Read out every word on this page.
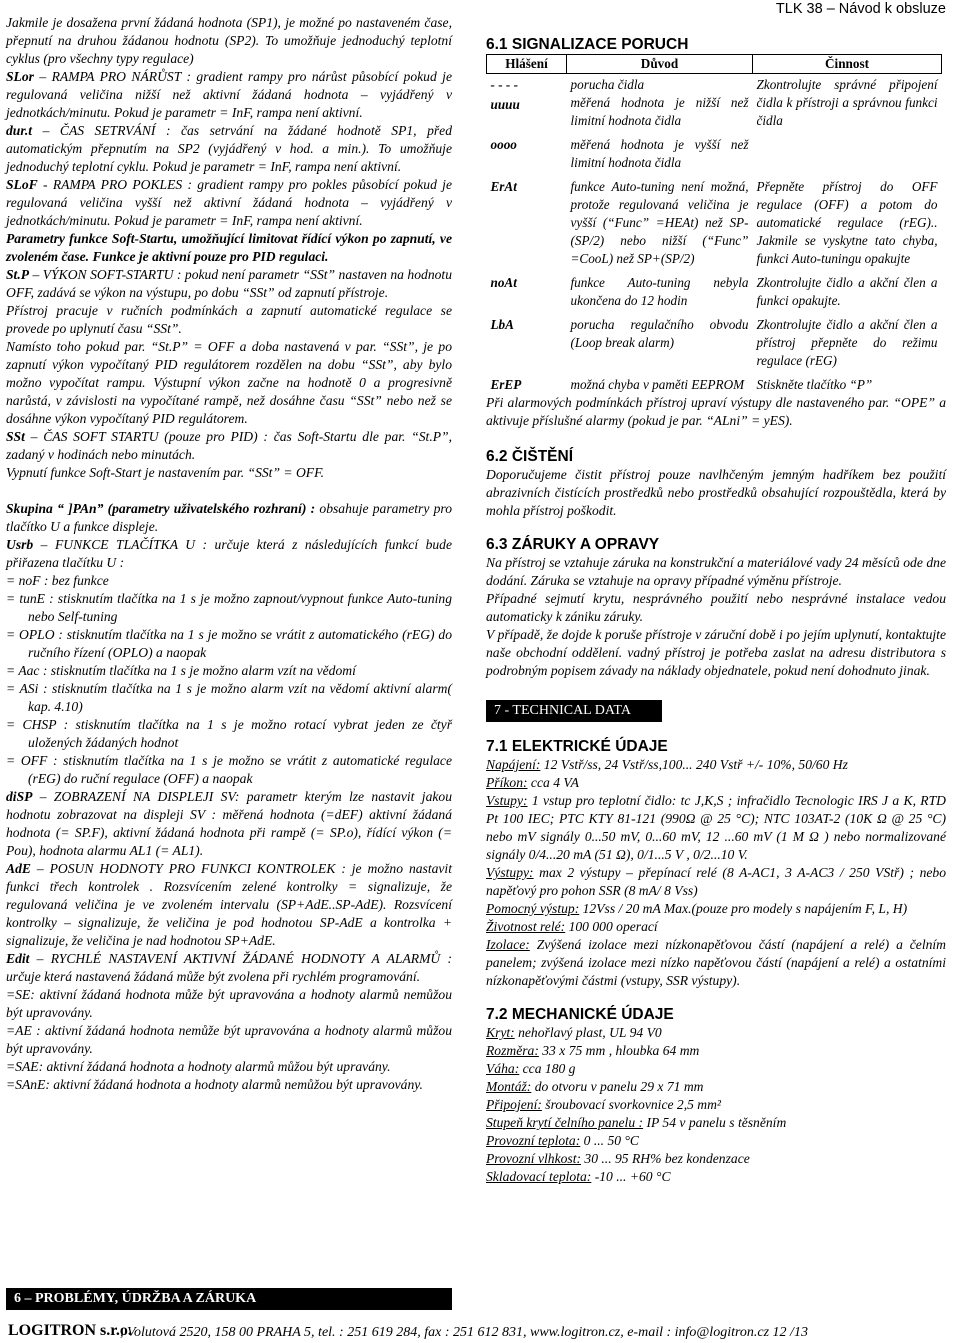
TLK 38 – Návod k obsluze

Jakmile je dosažena první žádaná hodnota (SP1), je možné po nastaveném čase, přepnutí na druhou žádanou hodnotu (SP2). To umožňuje jednoduchý teplotní cyklus (pro všechny typy regulace)

SLor – RAMPA PRO NÁRŮST : gradient rampy pro nárůst působící pokud je regulovaná veličina nižší než aktivní žádaná hodnota – vyjádřený v jednotkách/minutu. Pokud je parametr = InF, rampa není aktivní.

dur.t – ČAS SETRVÁNÍ : čas setrvání na žádané hodnotě SP1, před automatickým přepnutím na SP2 (vyjádřený v hod. a min.). To umožňuje jednoduchý teplotní cyklu. Pokud je parametr = InF, rampa není aktivní.

SLoF - RAMPA PRO POKLES : gradient rampy pro pokles působící pokud je regulovaná veličina vyšší než aktivní žádaná hodnota – vyjádřený v jednotkách/minutu. Pokud je parametr = InF, rampa není aktivní.

Parametry funkce Soft-Startu, umožňující limitovat řídící výkon po zapnutí, ve zvoleném čase. Funkce je aktivní pouze pro PID regulaci.

St.P – VÝKON SOFT-STARTU : pokud není parametr “SSt” nastaven na hodnotu OFF, zadává se výkon na výstupu, po dobu “SSt” od zapnutí přístroje.

Přístroj pracuje v ručních podmínkách a zapnutí automatické regulace se provede po uplynutí času “SSt”.

Namísto toho pokud par. “St.P” = OFF a doba nastavená v par. “SSt”, je po zapnutí výkon vypočítaný PID regulátorem rozdělen na dobu “SSt”, aby bylo možno vypočítat rampu. Výstupní výkon začne na hodnotě 0 a progresivně narůstá, v závislosti na vypočítané rampě, než dosáhne času “SSt” nebo než se dosáhne výkon vypočítaný PID regulátorem.

SSt – ČAS SOFT STARTU (pouze pro PID) : čas Soft-Startu dle par. “St.P”, zadaný v hodinách nebo minutách.

Vypnutí funkce Soft-Start je nastavením par. “SSt” = OFF.

Skupina “ ]PAn” (parametry uživatelského rozhraní) : obsahuje parametry pro tlačítko U a funkce displeje.

Usrb – FUNKCE TLAČÍTKA U : určuje která z následujících funkcí bude přiřazena tlačítku U :

= noF : bez funkce

= tunE : stisknutím tlačítka na 1 s je možno zapnout/vypnout funkce Auto-tuning nebo Self-tuning

= OPLO : stisknutím tlačítka na 1 s je možno se vrátit z automatického (rEG) do ručního řízení (OPLO) a naopak

= Aac : stisknutím tlačítka na 1 s je možno alarm vzít na vědomí

= ASi : stisknutím tlačítka na 1 s je možno alarm vzít na vědomí aktivní alarm( kap. 4.10)

= CHSP : stisknutím tlačítka na 1 s je možno rotací vybrat jeden ze čtyř uložených žádaných hodnot

= OFF : stisknutím tlačítka na 1 s je možno se vrátit z automatické regulace (rEG) do ruční regulace (OFF) a naopak

diSP – ZOBRAZENÍ NA DISPLEJI SV: parametr kterým lze nastavit jakou hodnotu zobrazovat na displeji SV : měřená hodnota (=dEF) aktivní žádaná hodnota (= SP.F), aktivní žádaná hodnota při rampě (= SP.o), řídící výkon (= Pou), hodnota alarmu AL1 (= AL1).

AdE – POSUN HODNOTY PRO FUNKCI KONTROLEK : je možno nastavit funkci třech kontrolek . Rozsvícením zelené kontrolky = signalizuje, že regulovaná veličina je ve zvoleném intervalu (SP+AdE..SP-AdE). Rozsvícení kontrolky – signalizuje, že veličina je pod hodnotou SP-AdE a kontrolka + signalizuje, že veličina je nad hodnotou SP+AdE.

Edit – RYCHLÉ NASTAVENÍ AKTIVNÍ ŽÁDANÉ HODNOTY A ALARMŮ : určuje která nastavená žádaná může být zvolena při rychlém programování.

=SE: aktivní žádaná hodnota může být upravována a hodnoty alarmů nemůžou být upravovány.

=AE : aktivní žádaná hodnota nemůže být upravována a hodnoty alarmů můžou být upravovány.

=SAE: aktivní žádaná hodnota a hodnoty alarmů můžou být upravány.

=SAnE: aktivní žádaná hodnota a hodnoty alarmů nemůžou být upravovány.

6 – PROBLÉMY, ÚDRŽBA A ZÁRUKA
6.1 SIGNALIZACE PORUCH
Hlášení	Důvod	Činnost
- - - -	porucha čidla	Zkontrolujte správné připojení čidla k přístroji a správnou funkci čidla
uuuu	měřená hodnota je nižší než limitní hodnota čidla	
oooo	měřená hodnota je vyšší než limitní hodnota čidla	
ErAt	funkce Auto-tuning není možná, protože regulovaná veličina je vyšší (“Func” =HEAt) než SP-(SP/2) nebo nižší (“Func” =CooL) než SP+(SP/2)	Přepněte přístroj do OFF regulace (OFF) a potom do automatické regulace (rEG).. Jakmile se vyskytne tato chyba, funkci Auto-tuningu opakujte
noAt	funkce Auto-tuning nebyla ukončena do 12 hodin	Zkontrolujte čidlo a akční člen a funkci opakujte.
LbA	porucha regulačního obvodu (Loop break alarm)	Zkontrolujte čidlo a akční člen a přístroj přepněte do režimu regulace (rEG)
ErEP	možná chyba v paměti EEPROM	Stiskněte tlačítko “P”

Při alarmových podmínkách přístroj upraví výstupy dle nastaveného par. “OPE” a aktivuje příslušné alarmy (pokud je par. “ALni” = yES).

6.2 ČIŠTĚNÍ

Doporučujeme čistit přístroj pouze navlhčeným jemným hadříkem bez použití abrazivních čistících prostředků nebo prostředků obsahující rozpouštědla, která by mohla přístroj poškodit.

6.3 ZÁRUKY A OPRAVY

Na přístroj se vztahuje záruka na konstrukční a materiálové vady 24 měsíců ode dne dodání. Záruka se vztahuje na opravy případné výměnu přístroje.

Případné sejmutí krytu, nesprávného použití nebo nesprávné instalace vedou automaticky k zániku záruky.

V případě, že dojde k poruše přístroje v záruční době i po jejím uplynutí, kontaktujte naše obchodní oddělení. vadný přístroj je potřeba zaslat na adresu distributora s podrobným popisem závady na náklady objednatele, pokud není dohodnuto jinak.

7 - TECHNICAL DATA
7.1 ELEKTRICKÉ ÚDAJE

Napájení: 12 Vstř/ss, 24 Vstř/ss,100... 240 Vstř +/- 10%, 50/60 Hz

Příkon: cca 4 VA

Vstupy: 1 vstup pro teplotní čidlo: tc J,K,S ; infračidlo Tecnologic IRS J a K, RTD Pt 100 IEC; PTC KTY 81-121 (990Ω @ 25 °C); NTC 103AT-2 (10K Ω @ 25 °C) nebo mV signály 0...50 mV, 0...60 mV, 12 ...60 mV (1 M Ω ) nebo normalizované signály 0/4...20 mA (51 Ω), 0/1...5 V , 0/2...10 V.

Výstupy: max 2 výstupy – přepínací relé (8 A-AC1, 3 A-AC3 / 250 VStř) ; nebo napěťový pro pohon SSR (8 mA/ 8 Vss)

Pomocný výstup: 12Vss / 20 mA Max.(pouze pro modely s napájením F, L, H)

Životnost relé: 100 000 operací

Izolace: Zvýšená izolace mezi nízkonapěťovou částí (napájení a relé) a čelním panelem; zvýšená izolace mezi nízko napěťovou částí (napájení a relé) a ostatními nízkonapěťovými částmi (vstupy, SSR výstupy).

7.2 MECHANICKÉ ÚDAJE

Kryt: nehořlavý plast, UL 94 V0

Rozměra: 33 x 75 mm , hloubka 64 mm

Váha: cca 180 g

Montáž: do otvoru v panelu 29 x 71 mm

Připojení: šroubovací svorkovnice 2,5 mm²

Stupeň krytí čelního panelu : IP 54 v panelu s těsněním

Provozní teplota: 0 ... 50 °C

Provozní vlhkost: 30 ... 95 RH% bez kondenzace

Skladovací teplota: -10 ... +60 °C

LOGITRON s.r.o.
, Volutová 2520, 158 00 PRAHA 5, tel. : 251 619 284, fax : 251 612 831, www.logitron.cz, e-mail : info@logitron.cz 12 /13
